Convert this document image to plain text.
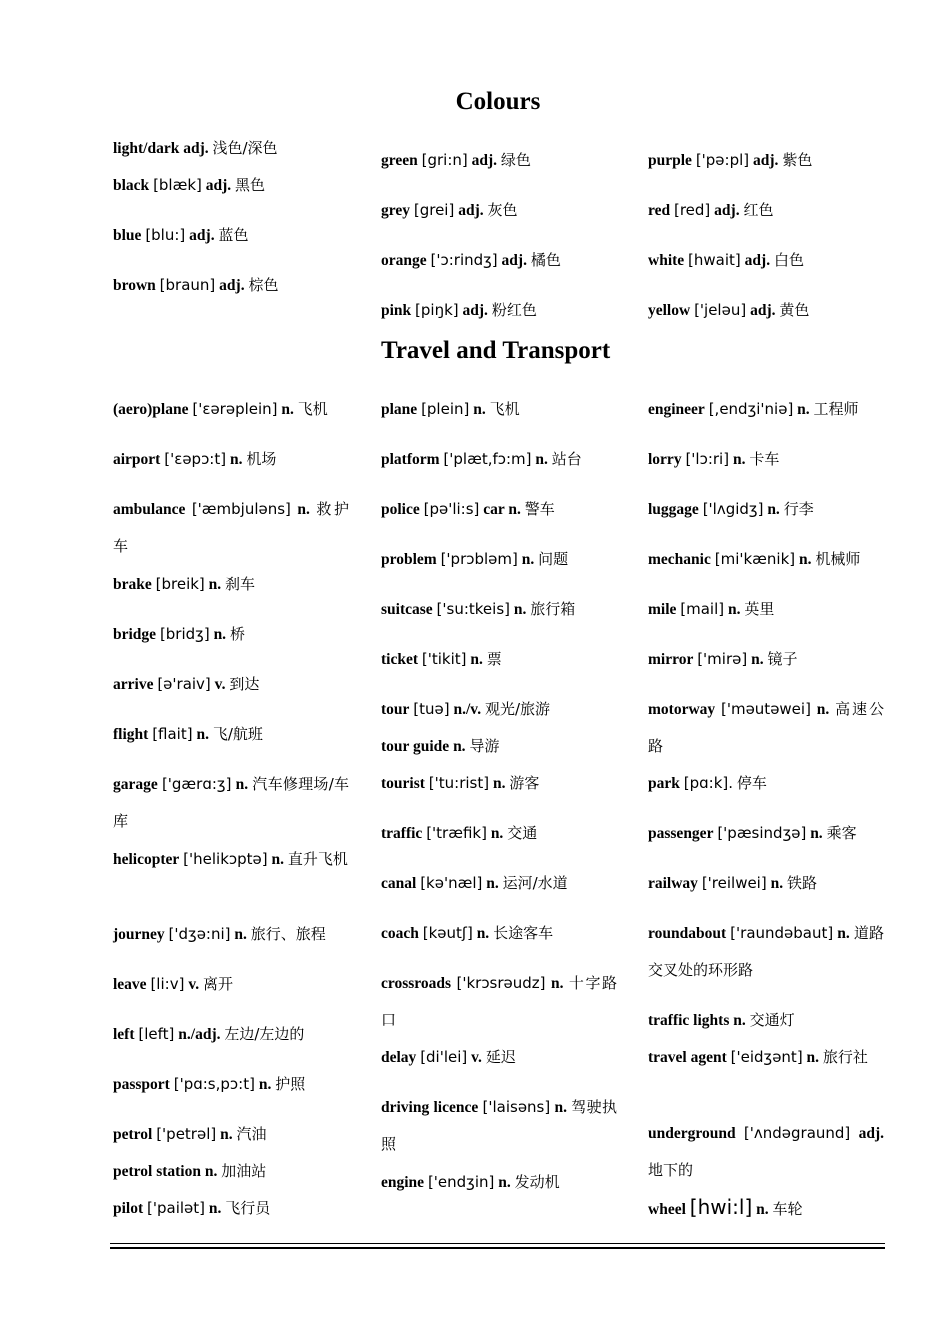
Colours
Travel and Transport
light/dark adj. 浅色/深色
black [blæk] adj. 黑色
blue [blu:] adj. 蓝色
brown [braun] adj. 棕色
green [gri:n] adj. 绿色
grey [grei] adj. 灰色
orange ['ɔ:rindʒ] adj. 橘色
pink [piŋk] adj. 粉红色
purple ['pə:pl] adj. 紫色
red [red] adj. 红色
white [hwait] adj. 白色
yellow ['jeləu] adj. 黄色
(aero)plane ['εərəplein] n. 飞机
airport ['εəpɔ:t] n. 机场
ambulance ['æmbjuləns] n. 救护车
brake [breik] n. 刹车
bridge [bridʒ] n. 桥
arrive [ə'raiv] v. 到达
flight [flait] n. 飞/航班
garage ['gærɑ:ʒ] n. 汽车修理场/车库
helicopter ['helikɔptə] n. 直升飞机
journey ['dʒə:ni] n. 旅行、旅程
leave [li:v] v. 离开
left [left] n./adj. 左边/左边的
passport ['pɑ:s,pɔ:t] n. 护照
petrol ['petrəl] n. 汽油
petrol station n. 加油站
pilot ['pailət] n. 飞行员
plane [plein] n. 飞机
platform ['plæt,fɔ:m] n. 站台
police [pə'li:s] car n. 警车
problem ['prɔbləm] n. 问题
suitcase ['su:tkeis] n. 旅行箱
ticket ['tikit] n. 票
tour [tuə] n./v. 观光/旅游
tour guide n. 导游
tourist ['tu:rist] n. 游客
traffic ['træfik] n. 交通
canal [kə'næl] n. 运河/水道
coach [kəutʃ] n. 长途客车
crossroads ['krɔsrəudz] n. 十字路口
delay [di'lei] v. 延迟
driving licence ['laisəns] n. 驾驶执照
engine ['endʒin] n. 发动机
engineer [,endʒi'niə] n. 工程师
lorry ['lɔ:ri] n. 卡车
luggage ['lʌgidʒ] n. 行李
mechanic [mi'kænik] n. 机械师
mile [mail] n. 英里
mirror ['mirə] n. 镜子
motorway ['məutəwei] n. 高速公路
park [pɑ:k]. 停车
passenger ['pæsindʒə] n. 乘客
railway ['reilwei] n. 铁路
roundabout ['raundəbaut] n. 道路交叉处的环形路
traffic lights n. 交通灯
travel agent ['eidʒənt] n. 旅行社
underground ['ʌndəgraund] adj. 地下的
wheel [hwi:l] n. 车轮
